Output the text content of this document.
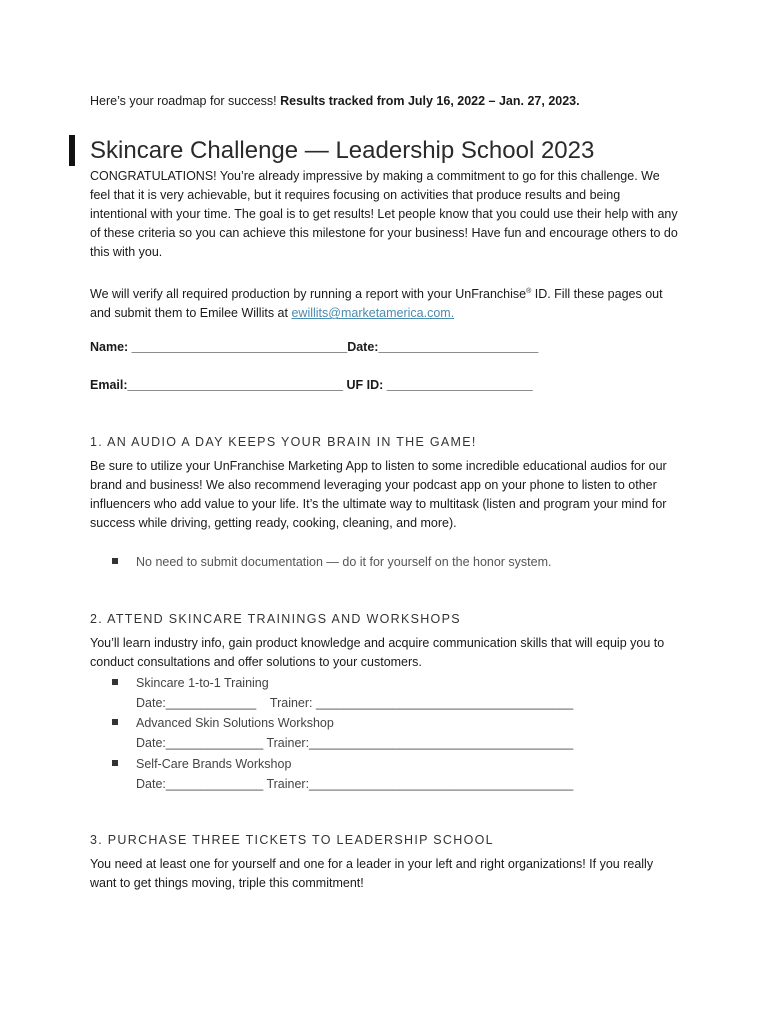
Here’s your roadmap for success! Results tracked from July 16, 2022 – Jan. 27, 2023.
Skincare Challenge — Leadership School 2023
CONGRATULATIONS! You’re already impressive by making a commitment to go for this challenge. We feel that it is very achievable, but it requires focusing on activities that produce results and being intentional with your time. The goal is to get results! Let people know that you could use their help with any of these criteria so you can achieve this milestone for your business! Have fun and encourage others to do this with you.
We will verify all required production by running a report with your UnFranchise® ID. Fill these pages out and submit them to Emilee Willits at ewillits@marketamerica.com.
Name: _______________________________Date:_______________________
Email:_______________________________ UF ID: _____________________
1. AN AUDIO A DAY KEEPS YOUR BRAIN IN THE GAME!
Be sure to utilize your UnFranchise Marketing App to listen to some incredible educational audios for our brand and business! We also recommend leveraging your podcast app on your phone to listen to other influencers who add value to your life. It’s the ultimate way to multitask (listen and program your mind for success while driving, getting ready, cooking, cleaning, and more).
No need to submit documentation — do it for yourself on the honor system.
2. ATTEND SKINCARE TRAININGS AND WORKSHOPS
You’ll learn industry info, gain product knowledge and acquire communication skills that will equip you to conduct consultations and offer solutions to your customers.
Skincare 1-to-1 Training
Date:_____________    Trainer: _____________________________________
Advanced Skin Solutions Workshop
Date:______________ Trainer:______________________________________
Self-Care Brands Workshop
Date:______________ Trainer:______________________________________
3. PURCHASE THREE TICKETS TO LEADERSHIP SCHOOL
You need at least one for yourself and one for a leader in your left and right organizations! If you really want to get things moving, triple this commitment!
